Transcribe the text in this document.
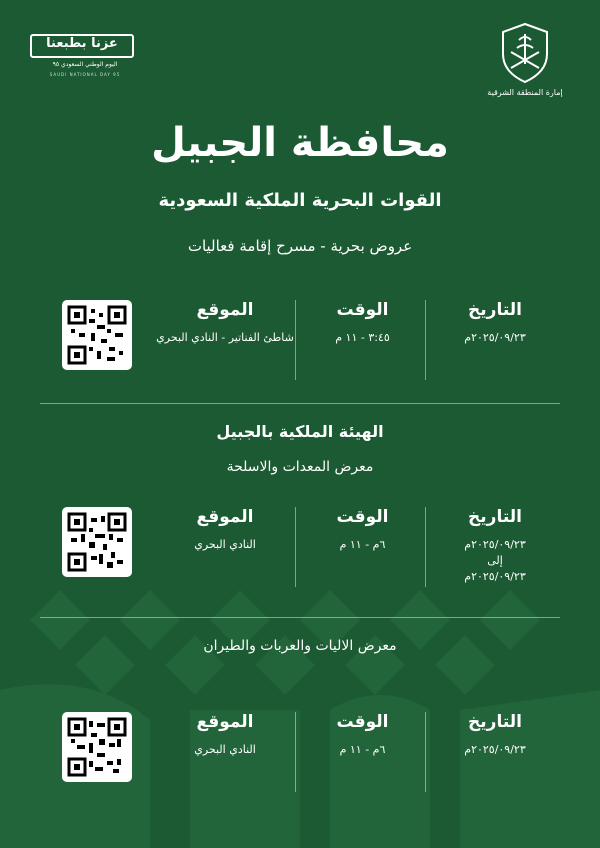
عزنا بطبعنا
اليوم الوطني السعودي ٩٥
SAUDI NATIONAL DAY 95
إمارة المنطقة الشرقية
محافظة الجبيل
القوات البحرية الملكية السعودية
عروض بحرية - مسرح إقامة فعاليات
التاريخ
٢٠٢٥/٠٩/٢٣م
الوقت
٣:٤٥ - ١١ م
الموقع
شاطئ الفناتير - النادي البحري
الهيئة الملكية بالجبيل
معرض المعدات والاسلحة
التاريخ
٢٠٢٥/٠٩/٢٣م
إلى
٢٠٢٥/٠٩/٢٣م
الوقت
٦م - ١١ م
الموقع
النادي البحري
معرض الاليات والعربات والطيران
التاريخ
٢٠٢٥/٠٩/٢٣م
الوقت
٦م - ١١ م
الموقع
النادي البحري
